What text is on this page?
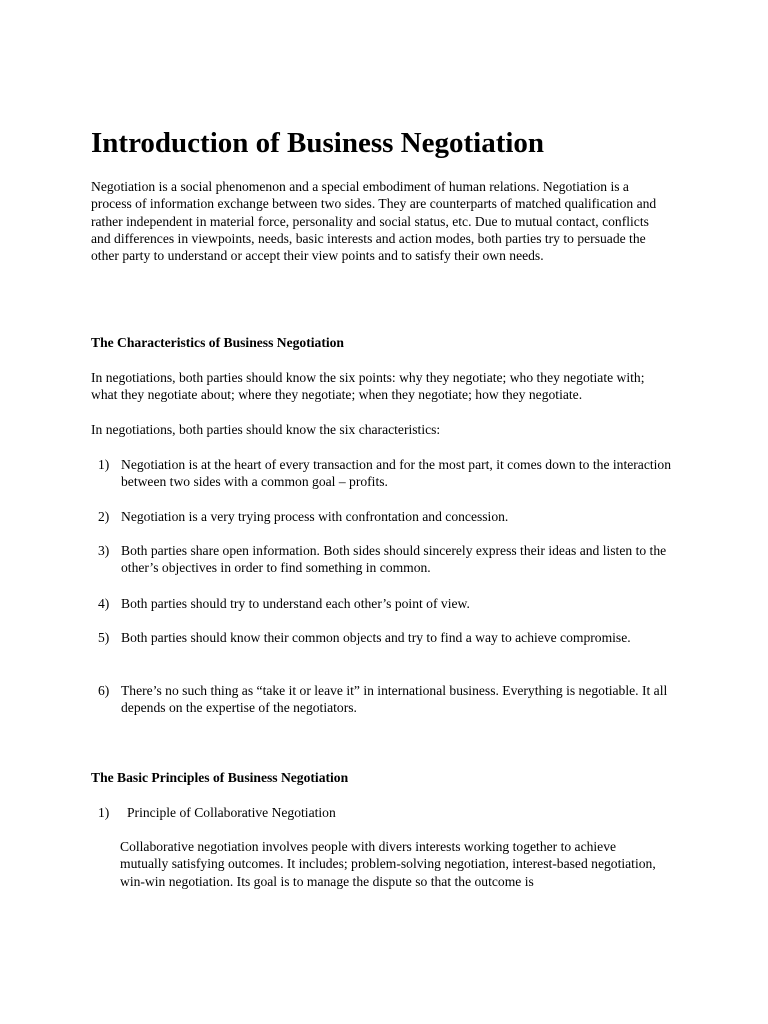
Introduction of Business Negotiation

Negotiation is a social phenomenon and a special embodiment of human relations. Negotiation is a process of information exchange between two sides. They are counterparts of matched qualification and rather independent in material force, personality and social status, etc. Due to mutual contact, conflicts and differences in viewpoints, needs, basic interests and action modes, both parties try to persuade the other party to understand or accept their view points and to satisfy their own needs.

The Characteristics of Business Negotiation

In negotiations, both parties should know the six points: why they negotiate; who they negotiate with; what they negotiate about; where they negotiate; when they negotiate; how they negotiate.

In negotiations, both parties should know the six characteristics:

1) Negotiation is at the heart of every transaction and for the most part, it comes down to the interaction between two sides with a common goal – profits.

2) Negotiation is a very trying process with confrontation and concession.

3) Both parties share open information. Both sides should sincerely express their ideas and listen to the other’s objectives in order to find something in common.

4) Both parties should try to understand each other’s point of view.

5) Both parties should know their common objects and try to find a way to achieve compromise.

6) There’s no such thing as “take it or leave it” in international business. Everything is negotiable. It all depends on the expertise of the negotiators.

The Basic Principles of Business Negotiation
1) Principle of Collaborative Negotiation

Collaborative negotiation involves people with divers interests working together to achieve mutually satisfying outcomes. It includes; problem-solving negotiation, interest-based negotiation, win-win negotiation. Its goal is to manage the dispute so that the outcome is
